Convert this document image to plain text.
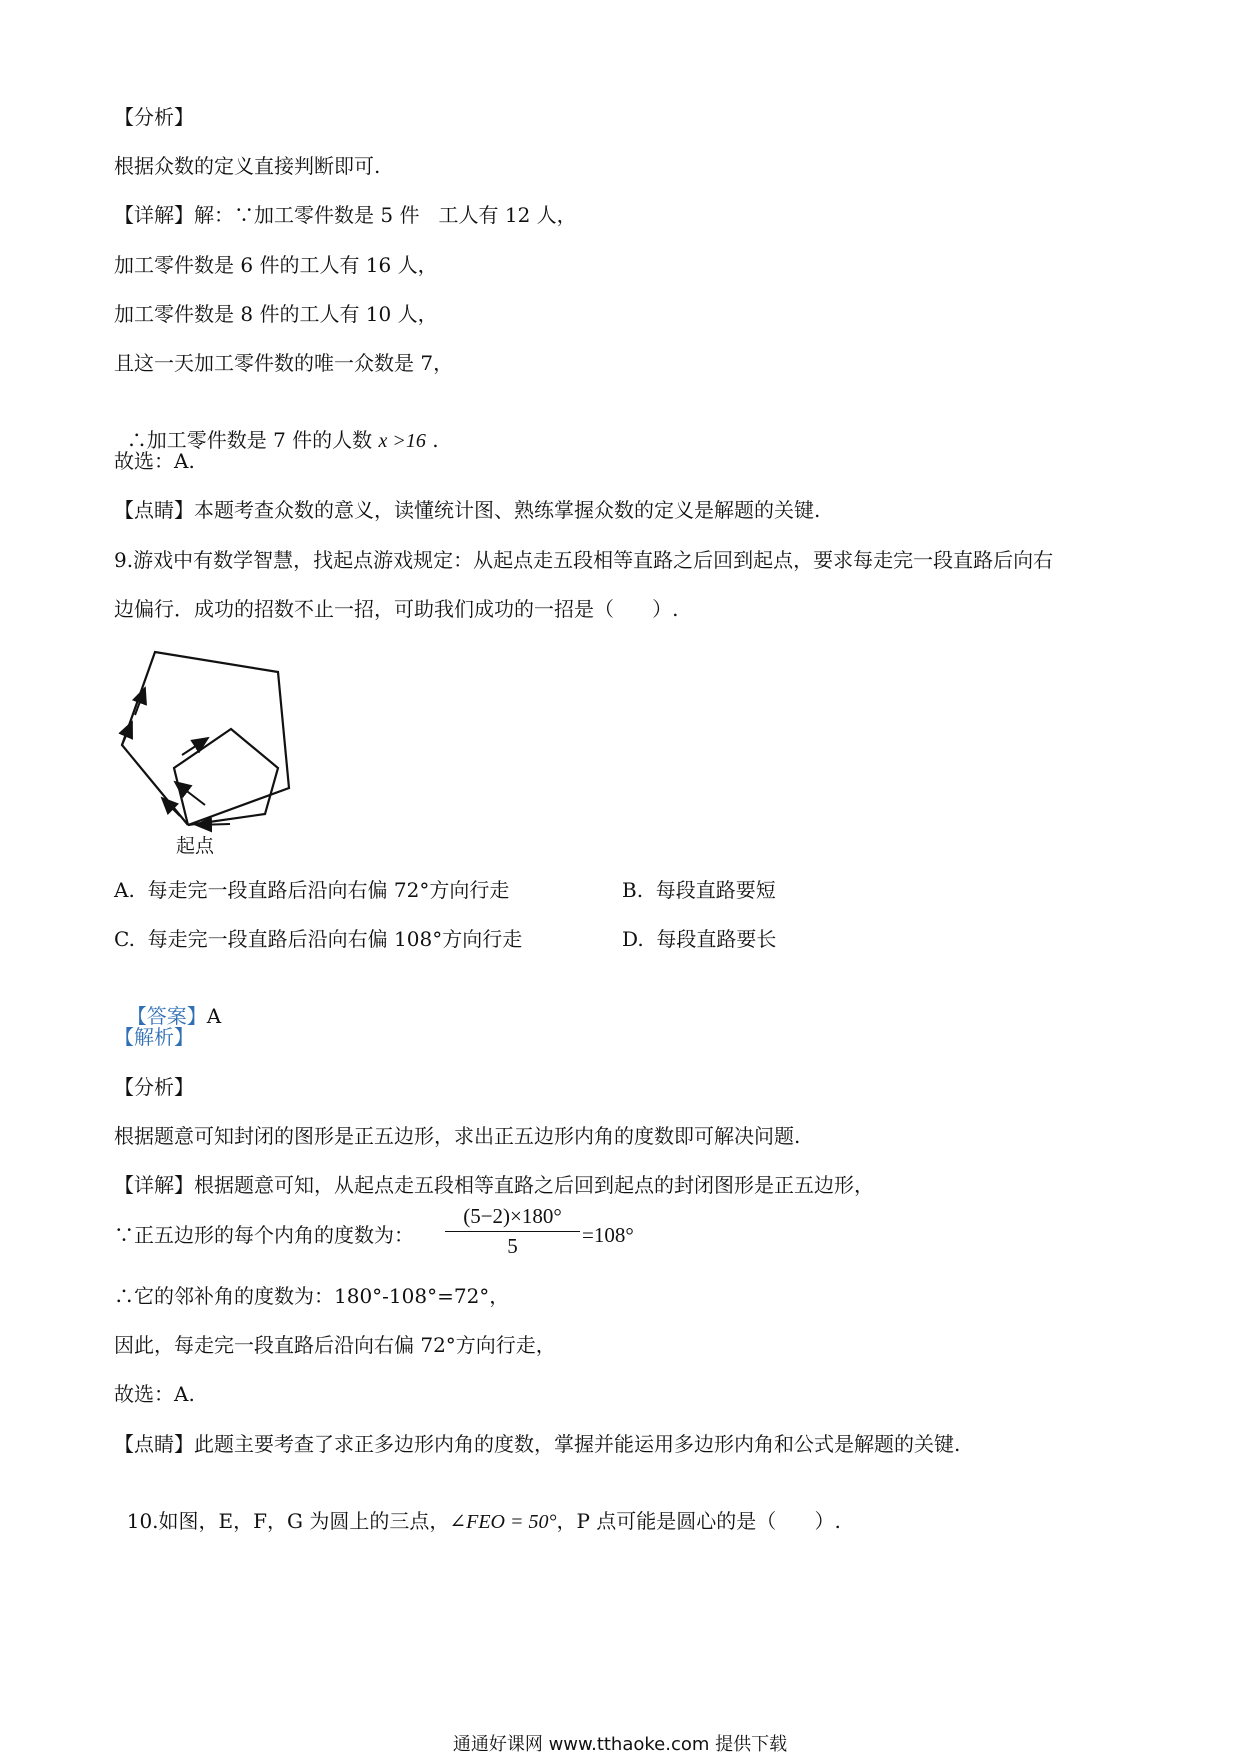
【分析】
根据众数的定义直接判断即可.
【详解】解：∵加工零件数是 5 件   工人有 12 人，
加工零件数是 6 件的工人有 16 人，
加工零件数是 8 件的工人有 10 人，
且这一天加工零件数的唯一众数是 7，

∴加工零件数是 7 件的人数 x >16 .

故选：A.
【点睛】本题考查众数的意义，读懂统计图、熟练掌握众数的定义是解题的关键.
9.游戏中有数学智慧，找起点游戏规定：从起点走五段相等直路之后回到起点，要求每走完一段直路后向右
边偏行．成功的招数不止一招，可助我们成功的一招是（      ）.
起点
A.  每走完一段直路后沿向右偏 72°方向行走	B.  每段直路要短
C.  每走完一段直路后沿向右偏 108°方向行走	D.  每段直路要长

【答案】A

【解析】
【分析】
根据题意可知封闭的图形是正五边形，求出正五边形内角的度数即可解决问题.
【详解】根据题意可知，从起点走五段相等直路之后回到起点的封闭图形是正五边形，
∵正五边形的每个内角的度数为： $\frac{(5-2)\times 180^\circ}{5} =108^\circ$
∴它的邻补角的度数为：180°-108°=72°，
因此，每走完一段直路后沿向右偏 72°方向行走，
故选：A.
【点睛】此题主要考查了求正多边形内角的度数，掌握并能运用多边形内角和公式是解题的关键.

10.如图，E，F，G 为圆上的三点，∠FEO = 50°，P 点可能是圆心的是（      ）.

通通好课网 www.tthaoke.com 提供下载
